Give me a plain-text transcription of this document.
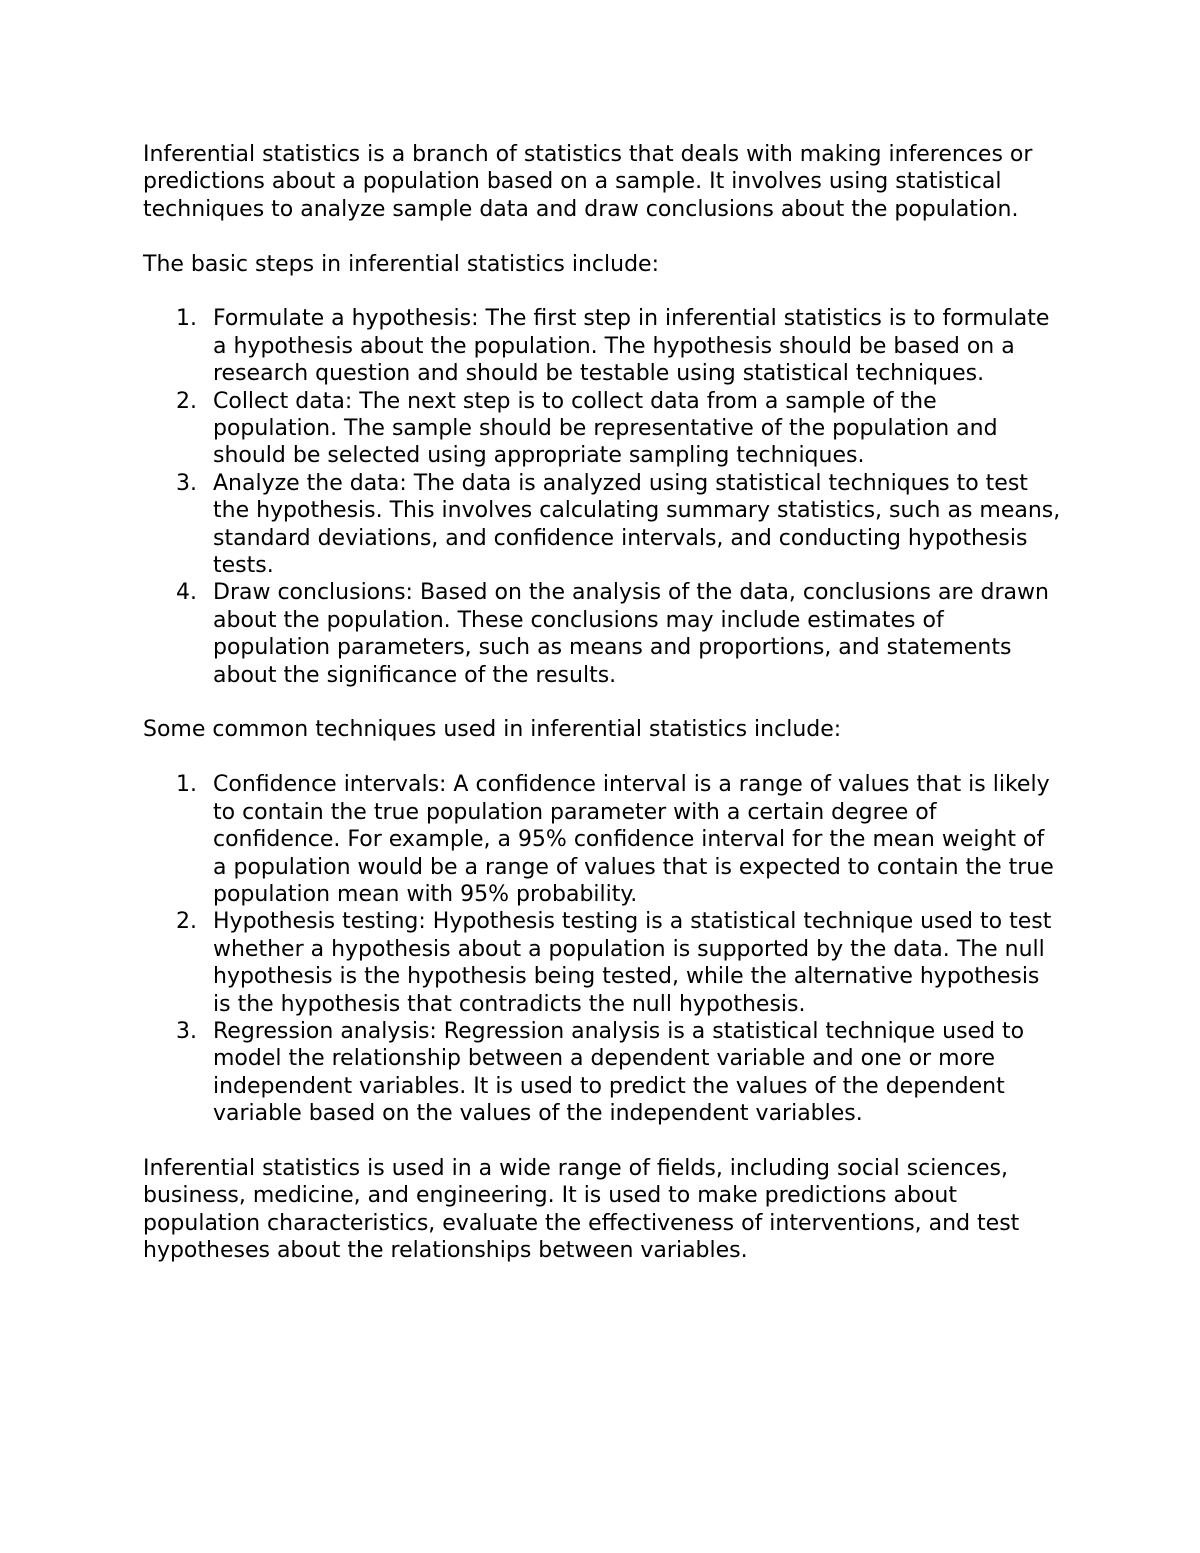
Inferential statistics is a branch of statistics that deals with making inferences or predictions about a population based on a sample. It involves using statistical techniques to analyze sample data and draw conclusions about the population.

The basic steps in inferential statistics include:

1. Formulate a hypothesis: The first step in inferential statistics is to formulate a hypothesis about the population. The hypothesis should be based on a research question and should be testable using statistical techniques.
2. Collect data: The next step is to collect data from a sample of the population. The sample should be representative of the population and should be selected using appropriate sampling techniques.
3. Analyze the data: The data is analyzed using statistical techniques to test the hypothesis. This involves calculating summary statistics, such as means, standard deviations, and confidence intervals, and conducting hypothesis tests.
4. Draw conclusions: Based on the analysis of the data, conclusions are drawn about the population. These conclusions may include estimates of population parameters, such as means and proportions, and statements about the significance of the results.

Some common techniques used in inferential statistics include:

1. Confidence intervals: A confidence interval is a range of values that is likely to contain the true population parameter with a certain degree of confidence. For example, a 95% confidence interval for the mean weight of a population would be a range of values that is expected to contain the true population mean with 95% probability.
2. Hypothesis testing: Hypothesis testing is a statistical technique used to test whether a hypothesis about a population is supported by the data. The null hypothesis is the hypothesis being tested, while the alternative hypothesis is the hypothesis that contradicts the null hypothesis.
3. Regression analysis: Regression analysis is a statistical technique used to model the relationship between a dependent variable and one or more independent variables. It is used to predict the values of the dependent variable based on the values of the independent variables.

Inferential statistics is used in a wide range of fields, including social sciences, business, medicine, and engineering. It is used to make predictions about population characteristics, evaluate the effectiveness of interventions, and test hypotheses about the relationships between variables.
